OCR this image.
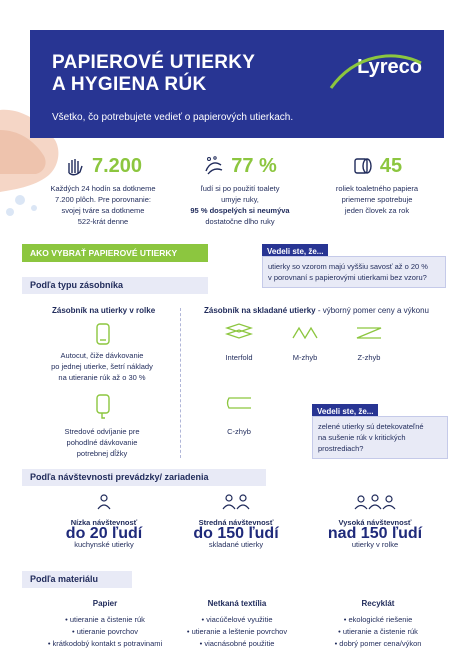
PAPIEROVÉ UTIERKY
A HYGIENA RÚK
Všetko, čo potrebujete vedieť o papierových utierkach.
Lyreco
7.200
Každých 24 hodín sa dotkneme
7.200 plôch. Pre porovnanie:
svojej tváre sa dotkneme
522-krát denne
77 %
ľudí si po použití toalety
umyje ruky,
95 % dospelých si neumýva
dostatočne dlho ruky
45
roliek toaletného papiera
priemerne spotrebuje
jeden človek za rok
AKO VYBRAŤ PAPIEROVÉ UTIERKY	Vedeli ste, že...
utierky so vzorom majú vyššiu savosť až o 20 %
v porovnaní s papierovými utierkami bez vzoru?
Podľa typu zásobníka
Zásobník na utierky v rolke
Autocut, čiže dávkovanie
po jednej utierke, šetrí náklady
na utieranie rúk až o 30 %
Stredové odvíjanie pre
pohodlné dávkovanie
potrebnej dĺžky
Zásobník na skladané utierky - výborný pomer ceny a výkonu
Interfold	M-zhyb	Z-zhyb
C-zhyb
Vedeli ste, že...
zelené utierky sú detekovateľné
na sušenie rúk v kritických
prostrediach?
Podľa návštevnosti prevádzky/ zariadenia
Nízka návštevnosť
do 20 ľudí
kuchynské utierky
Stredná návštevnosť
do 150 ľudí
skladané utierky
Vysoká návštevnosť
nad 150 ľudí
utierky v rolke
Podľa materiálu
Papier
• utieranie a čistenie rúk
• utieranie povrchov
• krátkodobý kontakt s potravinami
Netkaná textília
• viacúčelové využitie
• utieranie a leštenie povrchov
• viacnásobné použitie
Recyklát
• ekologické riešenie
• utieranie a čistenie rúk
• dobrý pomer cena/výkon
